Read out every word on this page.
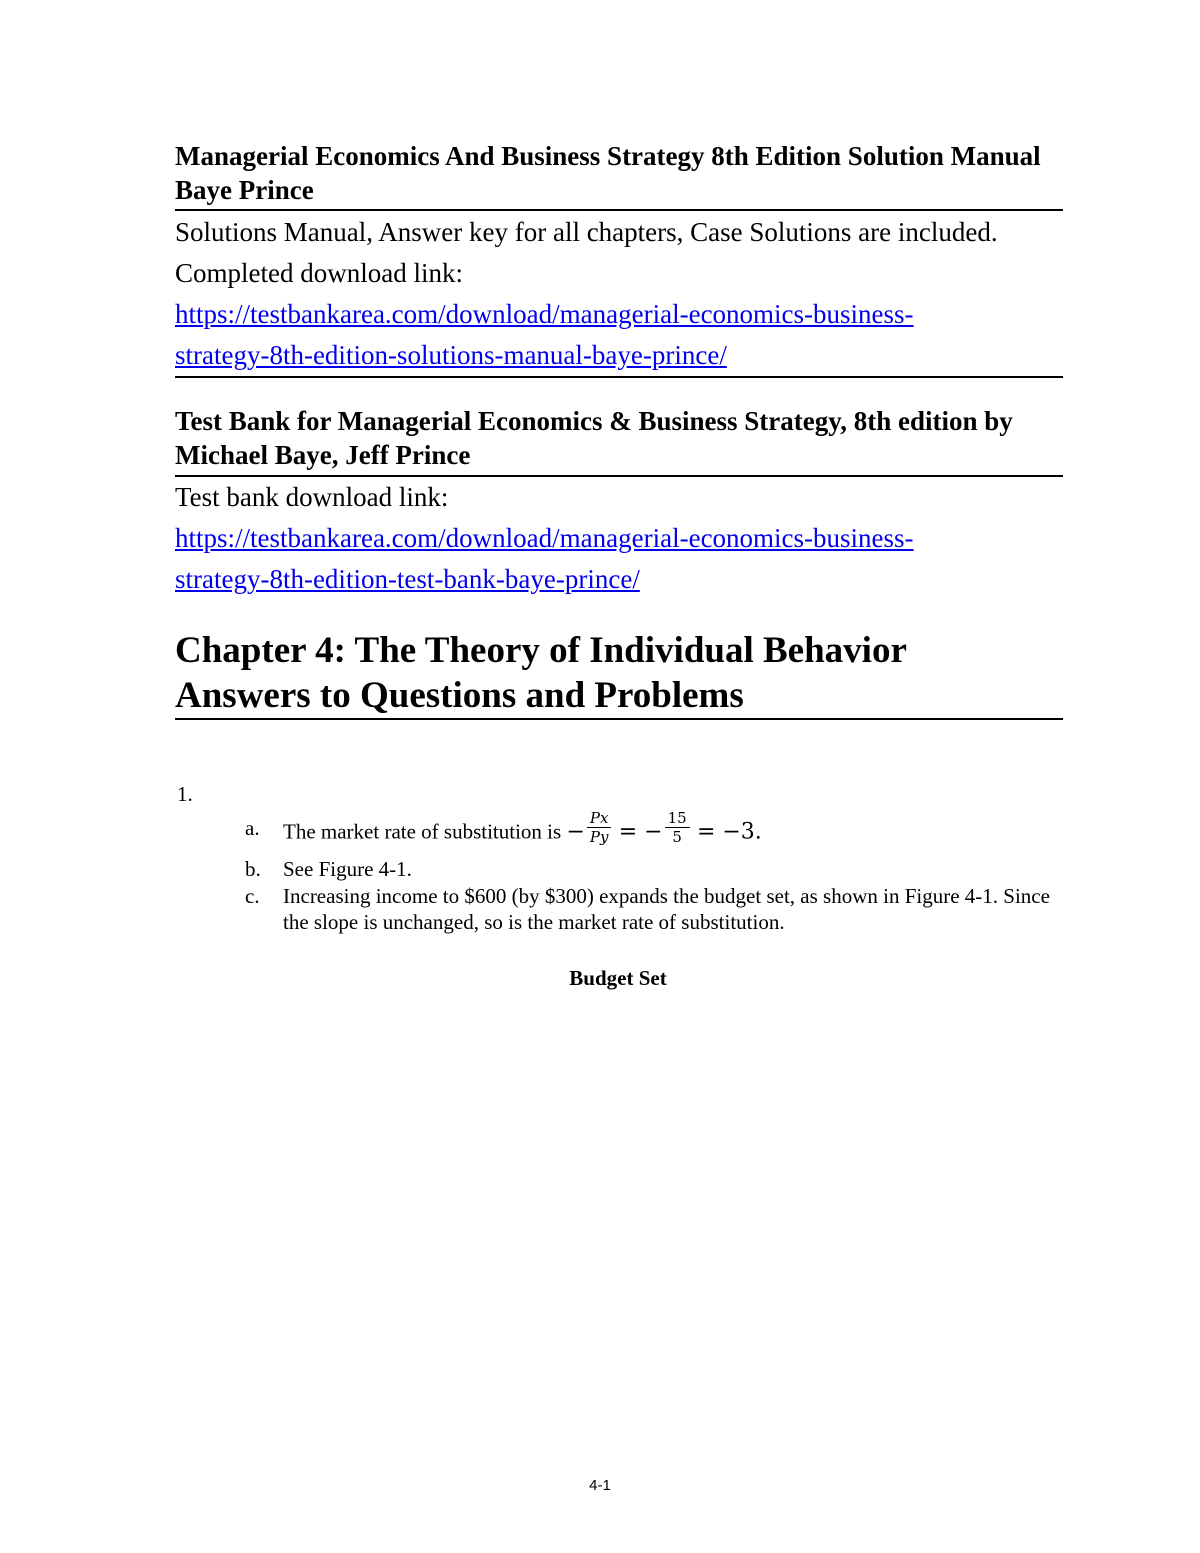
Managerial Economics And Business Strategy 8th Edition Solution Manual Baye Prince

Solutions Manual, Answer key for all chapters, Case Solutions are included. Completed download link:

https://testbankarea.com/download/managerial-economics-business-
strategy-8th-edition-solutions-manual-baye-prince/

Test Bank for Managerial Economics & Business Strategy, 8th edition by Michael Baye, Jeff Prince

Test bank download link:

https://testbankarea.com/download/managerial-economics-business-
strategy-8th-edition-test-bank-baye-prince/

Chapter 4: The Theory of Individual Behavior

Answers to Questions and Problems

1.
a. The market rate of substitution is − $\frac{Px}{Py}$ = − $\frac{15}{5} = -3$.
b. See Figure 4-1.
c. Increasing income to $600 (by $300) expands the budget set, as shown in Figure 4-1. Since the slope is unchanged, so is the market rate of substitution.
Budget Set
4-1
